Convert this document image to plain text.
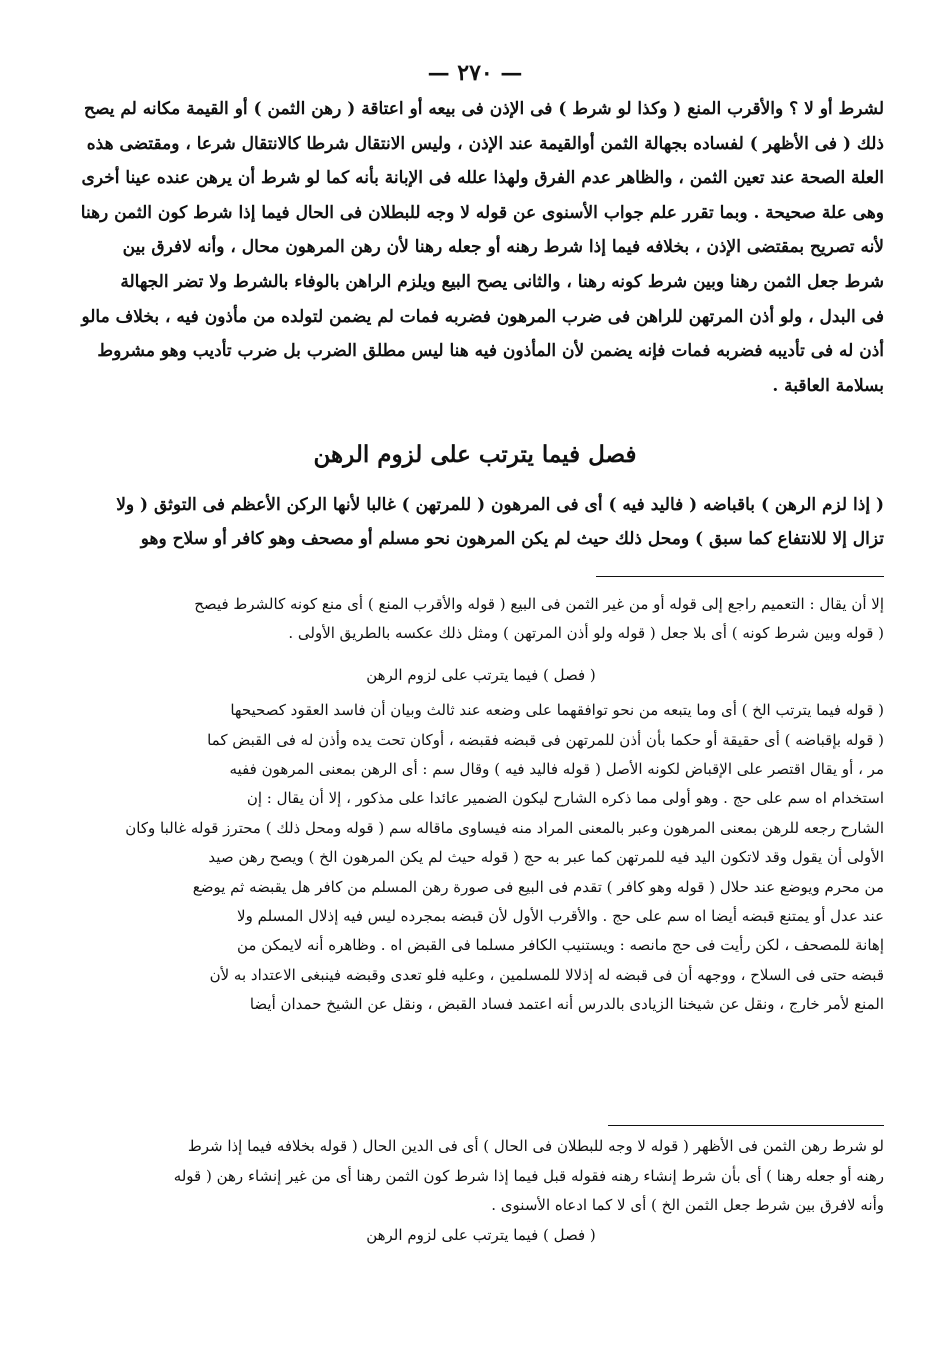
— ٢٧٠ —
لشرط أو لا ؟ والأقرب المنع ( وكذا لو شرط ) فى الإذن فى بيعه أو اعتاقة ( رهن الثمن ) أو القيمة مكانه لم يصح
ذلك ( فى الأظهر ) لفساده بجهالة الثمن أوالقيمة عند الإذن ، وليس الانتقال شرطا كالانتقال شرعا ، ومقتضى هذه
العلة الصحة عند تعين الثمن ، والظاهر عدم الفرق ولهذا علله فى الإبانة بأنه كما لو شرط أن يرهن عنده عينا أخرى
وهى علة صحيحة . وبما تقرر علم جواب الأسنوى عن قوله لا وجه للبطلان فى الحال فيما إذا شرط كون الثمن رهنا
لأنه تصريح بمقتضى الإذن ، بخلافه فيما إذا شرط رهنه أو جعله رهنا لأن رهن المرهون محال ، وأنه لافرق بين
شرط جعل الثمن رهنا وبين شرط كونه رهنا ، والثانى يصح البيع ويلزم الراهن بالوفاء بالشرط ولا تضر الجهالة
فى البدل ، ولو أذن المرتهن للراهن فى ضرب المرهون فضربه فمات لم يضمن لتولده من مأذون فيه ، بخلاف مالو
أذن له فى تأديبه فضربه فمات فإنه يضمن لأن المأذون فيه هنا ليس مطلق الضرب بل ضرب تأديب وهو مشروط
بسلامة العاقبة .
فصل فيما يترتب على لزوم الرهن
( إذا لزم الرهن ) باقباضه ( فاليد فيه ) أى فى المرهون ( للمرتهن ) غالبا لأنها الركن الأعظم فى التوثق ( ولا
تزال إلا للانتفاع كما سبق ) ومحل ذلك حيث لم يكن المرهون نحو مسلم أو مصحف وهو كافر أو سلاح وهو
إلا أن يقال : التعميم راجع إلى قوله أو من غير الثمن فى البيع ( قوله والأقرب المنع ) أى منع كونه كالشرط فيصح
( قوله وبين شرط كونه ) أى بلا جعل ( قوله ولو أذن المرتهن ) ومثل ذلك عكسه بالطريق الأولى .
( فصل ) فيما يترتب على لزوم الرهن
( قوله فيما يترتب الخ ) أى وما يتبعه من نحو توافقهما على وضعه عند ثالث وبيان أن فاسد العقود كصحيحها
( قوله بإقباضه ) أى حقيقة أو حكما بأن أذن للمرتهن فى قبضه فقبضه ، أوكان تحت يده وأذن له فى القبض كما
مر ، أو يقال اقتصر على الإقباض لكونه الأصل ( قوله فاليد فيه ) وقال سم : أى الرهن بمعنى المرهون ففيه
استخدام اه سم على حج . وهو أولى مما ذكره الشارح ليكون الضمير عائدا على مذكور ، إلا أن يقال : إن
الشارح رجعه للرهن بمعنى المرهون وعبر بالمعنى المراد منه فيساوى ماقاله سم ( قوله ومحل ذلك ) محترز قوله غالبا وكان
الأولى أن يقول وقد لاتكون اليد فيه للمرتهن كما عبر به حج ( قوله حيث لم يكن المرهون الخ ) ويصح رهن صيد
من محرم ويوضع عند حلال ( قوله وهو كافر ) تقدم فى البيع فى صورة رهن المسلم من كافر هل يقبضه ثم يوضع
عند عدل أو يمتنع قبضه أيضا اه سم على حج . والأقرب الأول لأن قبضه بمجرده ليس فيه إذلال المسلم ولا
إهانة للمصحف ، لكن رأيت فى حج مانصه : ويستنيب الكافر مسلما فى القبض اه . وظاهره أنه لايمكن من
قبضه حتى فى السلاح ، ووجهه أن فى قبضه له إذلالا للمسلمين ، وعليه فلو تعدى وقبضه فينبغى الاعتداد به لأن
المنع لأمر خارج ، ونقل عن شيخنا الزيادى بالدرس أنه اعتمد فساد القبض ، ونقل عن الشيخ حمدان أيضا
لو شرط رهن الثمن فى الأظهر ( قوله لا وجه للبطلان فى الحال ) أى فى الدين الحال ( قوله بخلافه فيما إذا شرط
رهنه أو جعله رهنا ) أى بأن شرط إنشاء رهنه فقوله قبل فيما إذا شرط كون الثمن رهنا أى من غير إنشاء رهن ( قوله
وأنه لافرق بين شرط جعل الثمن الخ ) أى لا كما ادعاه الأسنوى .
( فصل ) فيما يترتب على لزوم الرهن
